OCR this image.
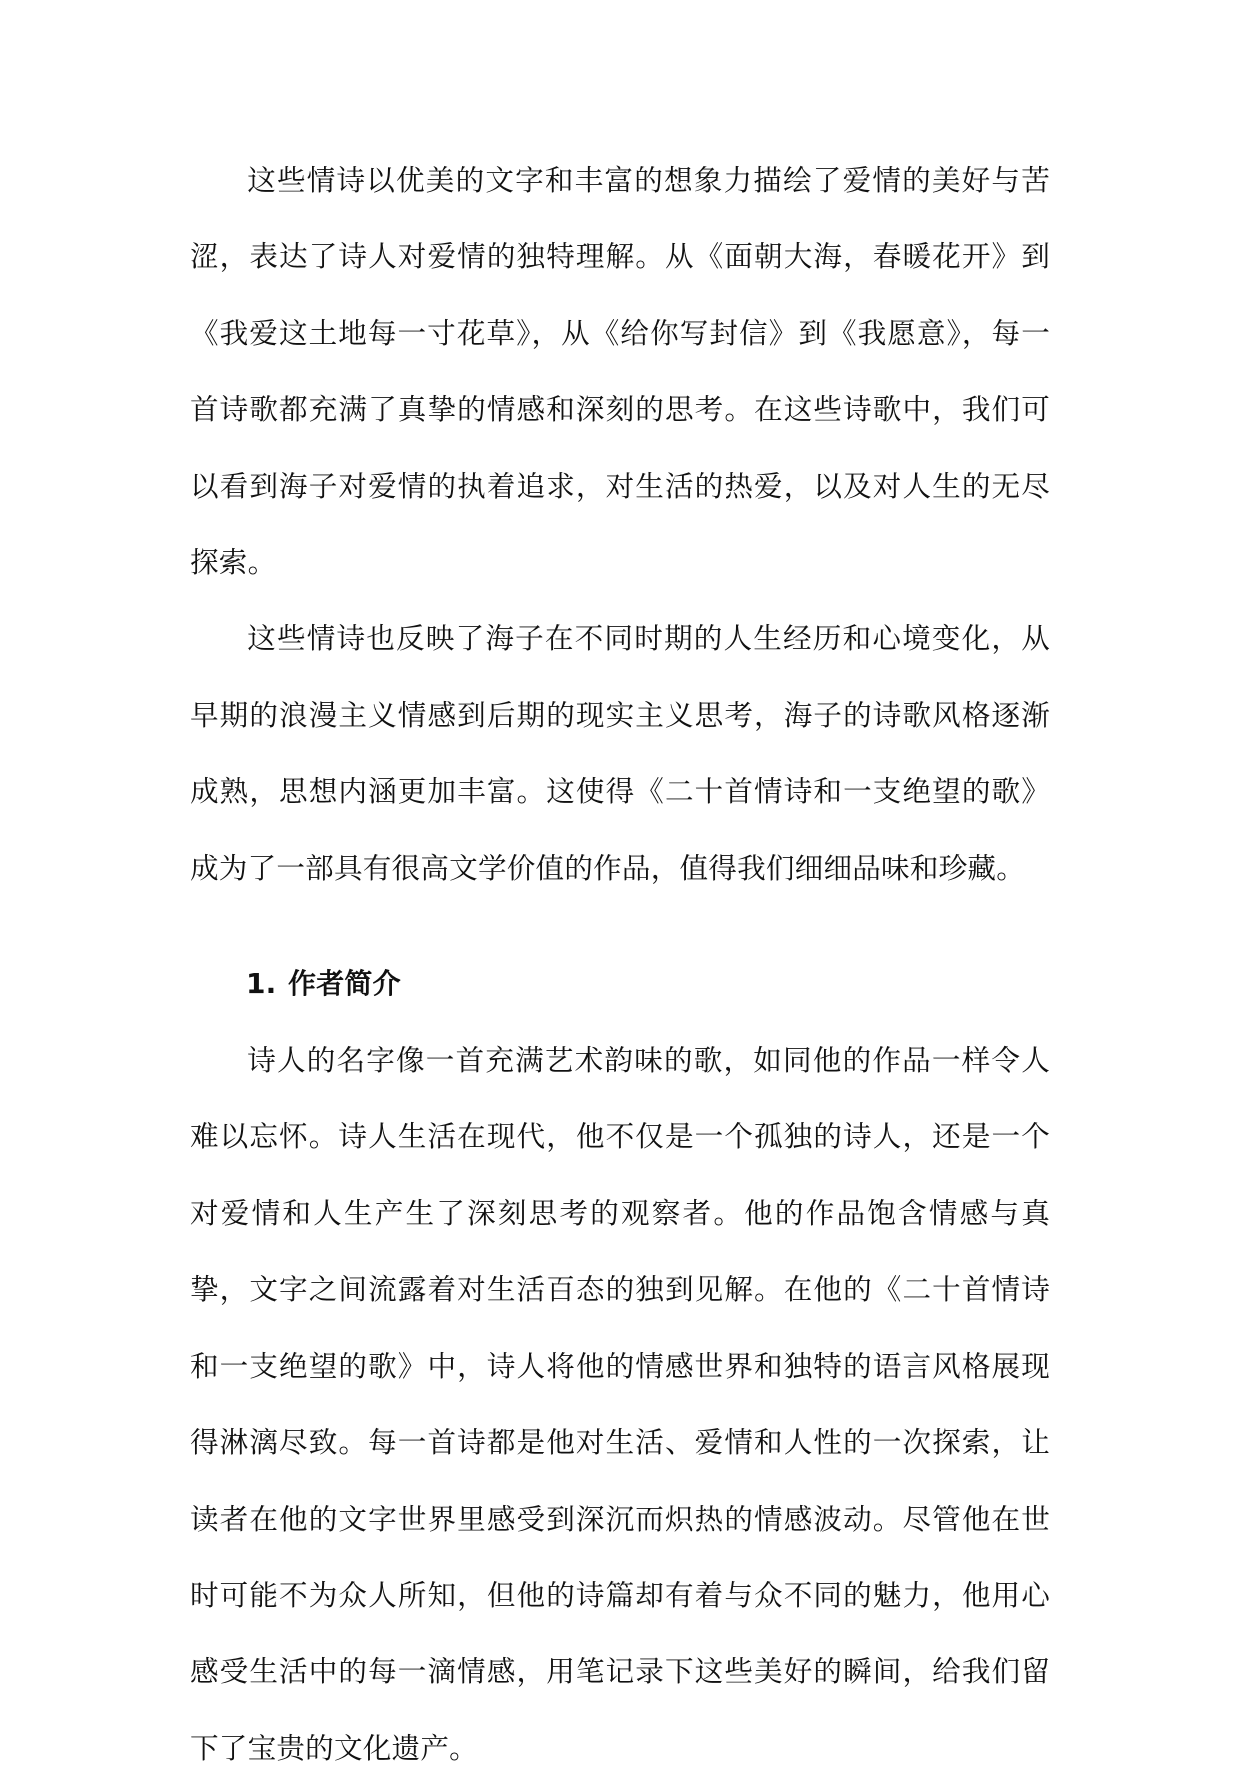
这些情诗以优美的文字和丰富的想象力描绘了爱情的美好与苦涩，表达了诗人对爱情的独特理解。从《面朝大海，春暖花开》到《我爱这土地每一寸花草》，从《给你写封信》到《我愿意》，每一首诗歌都充满了真挚的情感和深刻的思考。在这些诗歌中，我们可以看到海子对爱情的执着追求，对生活的热爱，以及对人生的无尽探索。

这些情诗也反映了海子在不同时期的人生经历和心境变化，从早期的浪漫主义情感到后期的现实主义思考，海子的诗歌风格逐渐成熟，思想内涵更加丰富。这使得《二十首情诗和一支绝望的歌》成为了一部具有很高文学价值的作品，值得我们细细品味和珍藏。

1. 作者简介

诗人的名字像一首充满艺术韵味的歌，如同他的作品一样令人难以忘怀。诗人生活在现代，他不仅是一个孤独的诗人，还是一个对爱情和人生产生了深刻思考的观察者。他的作品饱含情感与真挚，文字之间流露着对生活百态的独到见解。在他的《二十首情诗和一支绝望的歌》中，诗人将他的情感世界和独特的语言风格展现得淋漓尽致。每一首诗都是他对生活、爱情和人性的一次探索，让读者在他的文字世界里感受到深沉而炽热的情感波动。尽管他在世时可能不为众人所知，但他的诗篇却有着与众不同的魅力，他用心感受生活中的每一滴情感，用笔记录下这些美好的瞬间，给我们留下了宝贵的文化遗产。
